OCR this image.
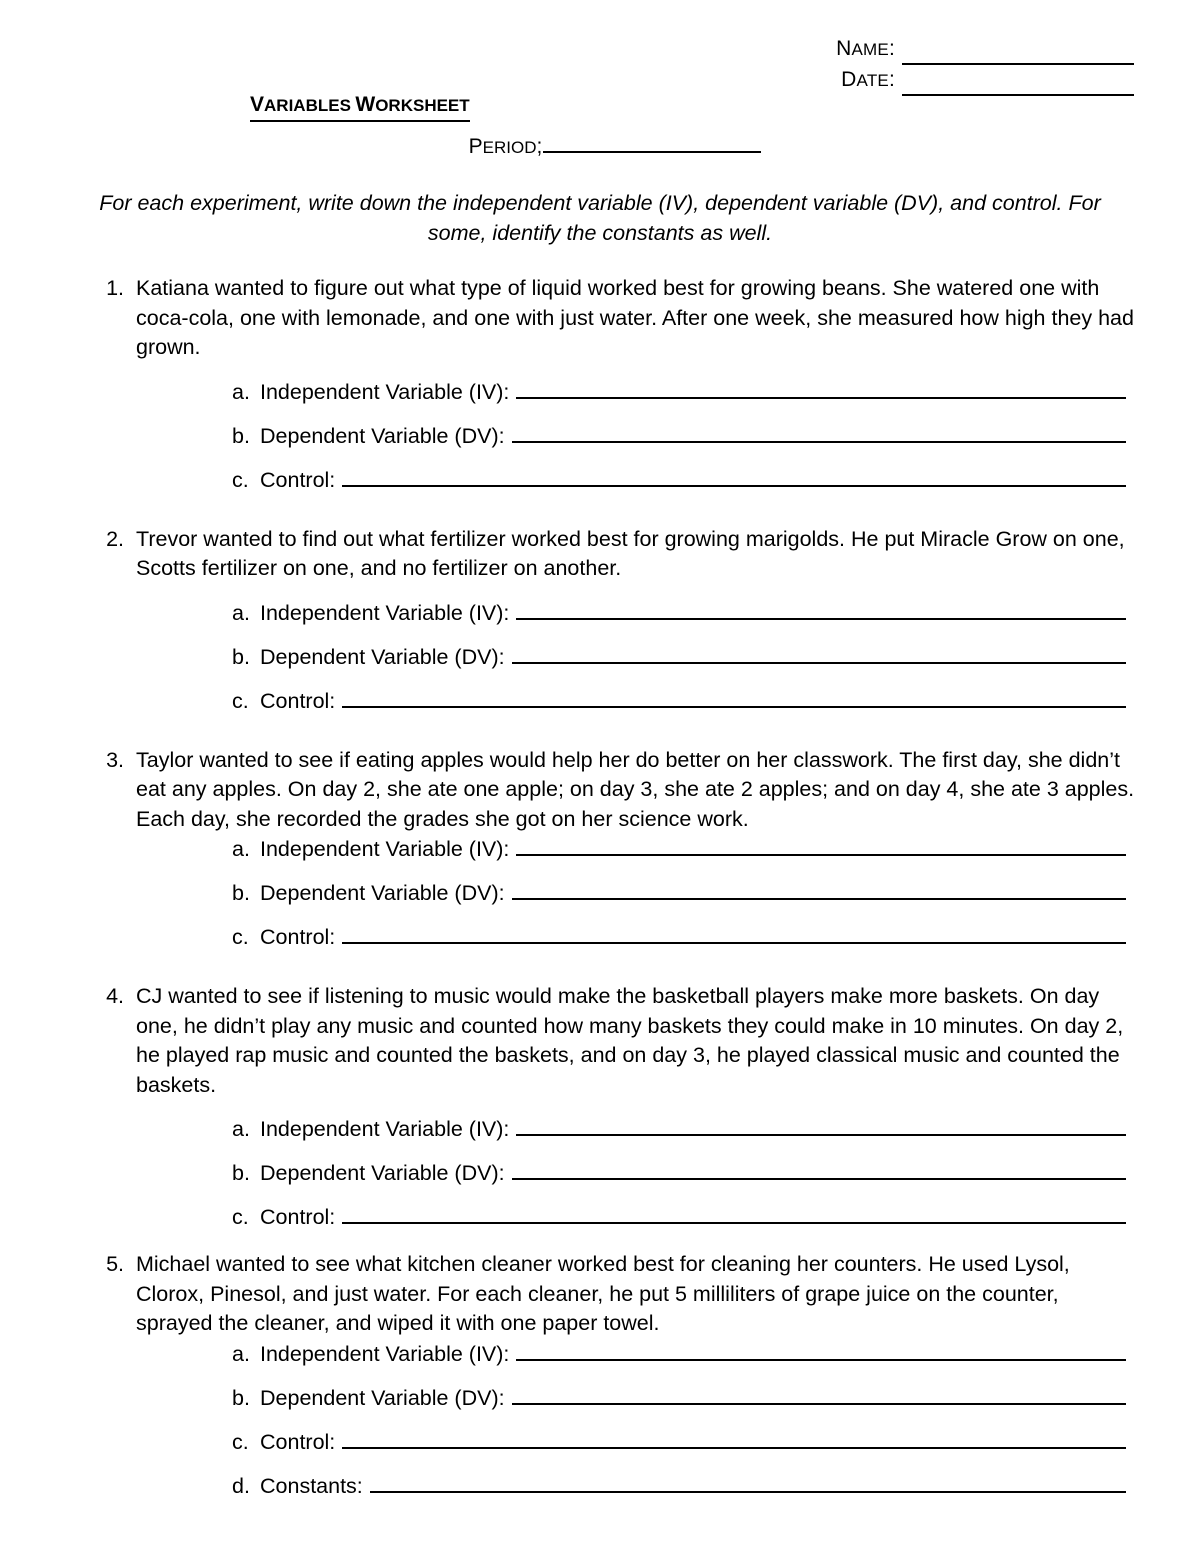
NAME:
DATE:
VARIABLES WORKSHEET
PERIOD;
For each experiment, write down the independent variable (IV), dependent variable (DV), and control. For some, identify the constants as well.
1. Katiana wanted to figure out what type of liquid worked best for growing beans. She watered one with coca-cola, one with lemonade, and one with just water. After one week, she measured how high they had grown.
a. Independent Variable (IV):
b. Dependent Variable (DV):
c. Control:
2. Trevor wanted to find out what fertilizer worked best for growing marigolds. He put Miracle Grow on one, Scotts fertilizer on one, and no fertilizer on another.
a. Independent Variable (IV):
b. Dependent Variable (DV):
c. Control:
3. Taylor wanted to see if eating apples would help her do better on her classwork. The first day, she didn’t eat any apples. On day 2, she ate one apple; on day 3, she ate 2 apples; and on day 4, she ate 3 apples. Each day, she recorded the grades she got on her science work.
a. Independent Variable (IV):
b. Dependent Variable (DV):
c. Control:
4. CJ wanted to see if listening to music would make the basketball players make more baskets. On day one, he didn’t play any music and counted how many baskets they could make in 10 minutes. On day 2, he played rap music and counted the baskets, and on day 3, he played classical music and counted the baskets.
a. Independent Variable (IV):
b. Dependent Variable (DV):
c. Control:
5. Michael wanted to see what kitchen cleaner worked best for cleaning her counters. He used Lysol, Clorox, Pinesol, and just water. For each cleaner, he put 5 milliliters of grape juice on the counter, sprayed the cleaner, and wiped it with one paper towel.
a. Independent Variable (IV):
b. Dependent Variable (DV):
c. Control:
d. Constants:
